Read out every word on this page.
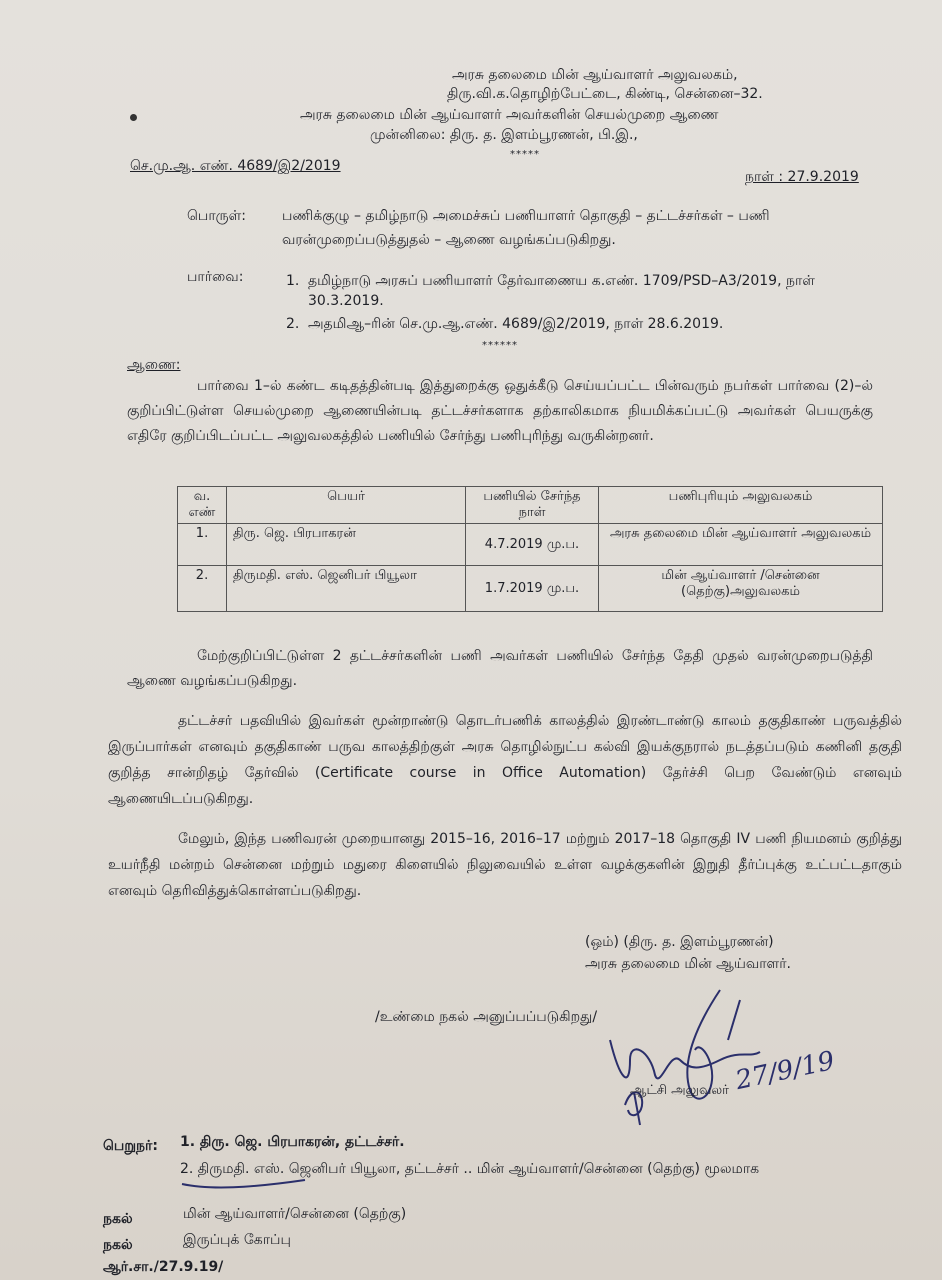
அரசு தலைமை மின் ஆய்வாளர் அலுவலகம்,
திரு.வி.க.தொழிற்பேட்டை, கிண்டி, சென்னை–32.
அரசு தலைமை மின் ஆய்வாளர் அவர்களின் செயல்முறை ஆணை
முன்னிலை: திரு. த. இளம்பூரணன், பி.இ.,
*****
செ.மு.ஆ. எண். 4689/இ2/2019
நாள் : 27.9.2019
பொருள்:	பணிக்குழு – தமிழ்நாடு அமைச்சுப் பணியாளர் தொகுதி – தட்டச்சர்கள் – பணி
வரன்முறைப்படுத்துதல் – ஆணை வழங்கப்படுகிறது.
பார்வை:	1. தமிழ்நாடு அரசுப் பணியாளர் தேர்வாணைய க.எண். 1709/PSD–A3/2019, நாள்
30.3.2019.
2. அதமிஆ–ரின் செ.மு.ஆ.எண். 4689/இ2/2019, நாள் 28.6.2019.
******
ஆணை:
பார்வை 1–ல் கண்ட கடிதத்தின்படி இத்துறைக்கு ஒதுக்கீடு செய்யப்பட்ட பின்வரும் நபர்கள் பார்வை (2)–ல் குறிப்பிட்டுள்ள செயல்முறை ஆணையின்படி தட்டச்சர்களாக தற்காலிகமாக நியமிக்கப்பட்டு அவர்கள் பெயருக்கு எதிரே குறிப்பிடப்பட்ட அலுவலகத்தில் பணியில் சேர்ந்து பணிபுரிந்து வருகின்றனர்.
வ. எண்	பெயர்	பணியில் சேர்ந்த நாள்	பணிபுரியும் அலுவலகம்
1.	திரு. ஜெ. பிரபாகரன்	4.7.2019 மு.ப.	அரசு தலைமை மின் ஆய்வாளர் அலுவலகம்
2.	திருமதி. எஸ். ஜெனிபர் பியூலா	1.7.2019 மு.ப.	மின் ஆய்வாளர் /சென்னை (தெற்கு)அலுவலகம்
மேற்குறிப்பிட்டுள்ள 2 தட்டச்சர்களின் பணி அவர்கள் பணியில் சேர்ந்த தேதி முதல் வரன்முறைபடுத்தி ஆணை வழங்கப்படுகிறது.
தட்டச்சர் பதவியில் இவர்கள் மூன்றாண்டு தொடர்பணிக் காலத்தில் இரண்டாண்டு காலம் தகுதிகாண் பருவத்தில் இருப்பார்கள் எனவும் தகுதிகாண் பருவ காலத்திற்குள் அரசு தொழில்நுட்ப கல்வி இயக்குநரால் நடத்தப்படும் கணினி தகுதி குறித்த சான்றிதழ் தேர்வில் (Certificate course in Office Automation) தேர்ச்சி பெற வேண்டும் எனவும் ஆணையிடப்படுகிறது.
மேலும், இந்த பணிவரன் முறையானது 2015–16, 2016–17 மற்றும் 2017–18 தொகுதி IV பணி நியமனம் குறித்து உயர்நீதி மன்றம் சென்னை மற்றும் மதுரை கிளையில் நிலுவையில் உள்ள வழக்குகளின் இறுதி தீர்ப்புக்கு உட்பட்டதாகும் எனவும் தெரிவித்துக்கொள்ளப்படுகிறது.
(ஒம்) (திரு. த. இளம்பூரணன்)
அரசு தலைமை மின் ஆய்வாளர்.
/உண்மை நகல் அனுப்பப்படுகிறது/
ஆட்சி அலுவலர் 27/9/19
பெறுநர்: 1. திரு. ஜெ. பிரபாகரன், தட்டச்சர்.
2. திருமதி. எஸ். ஜெனிபர் பியூலா, தட்டச்சர் .. மின் ஆய்வாளர்/சென்னை (தெற்கு) மூலமாக
நகல்	மின் ஆய்வாளர்/சென்னை (தெற்கு)
நகல்	இருப்புக் கோப்பு
ஆர்.சா./27.9.19/
